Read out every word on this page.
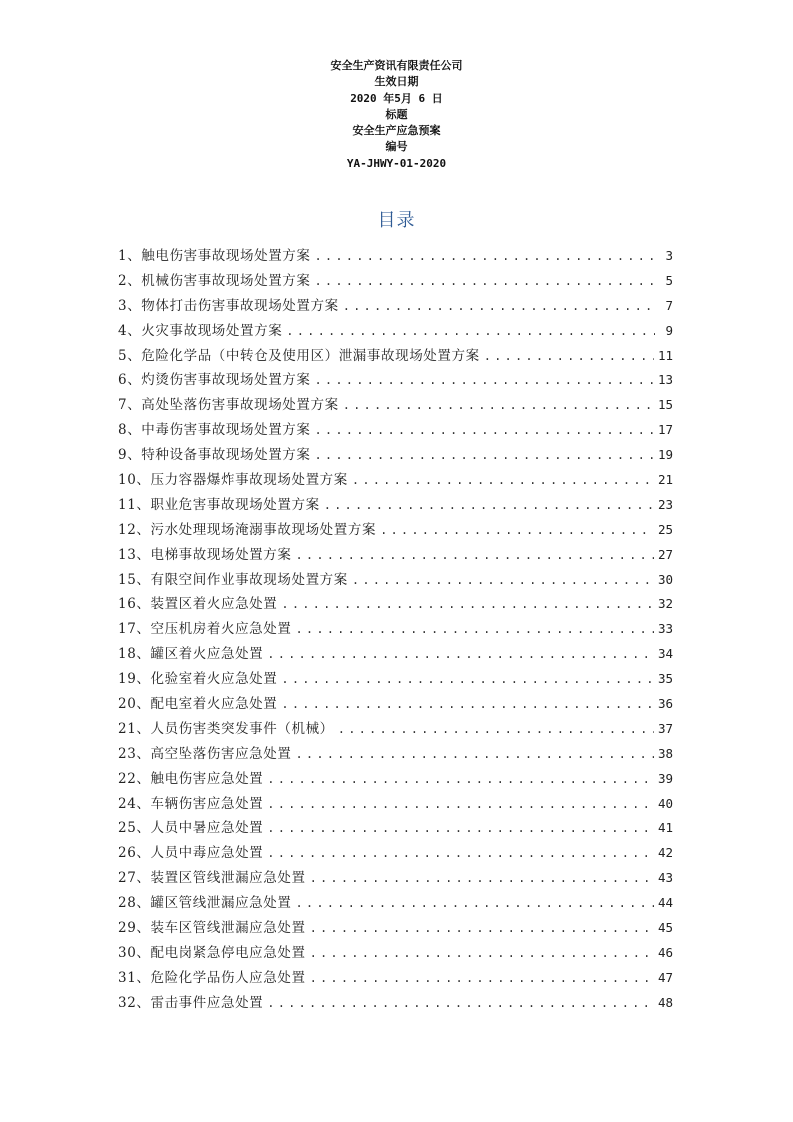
安全生产资讯有限责任公司
生效日期
2020 年5月 6 日
标题
安全生产应急预案
编号
YA-JHWY-01-2020
目录
1、触电伤害事故现场处置方案 .....	3
2、机械伤害事故现场处置方案 .....	5
3、物体打击伤害事故现场处置方案 .....	7
4、火灾事故现场处置方案 .....	9
5、危险化学品（中转仓及使用区）泄漏事故现场处置方案 .....	11
6、灼烫伤害事故现场处置方案 .....	13
7、高处坠落伤害事故现场处置方案 .....	15
8、中毒伤害事故现场处置方案 .....	17
9、特种设备事故现场处置方案 .....	19
10、压力容器爆炸事故现场处置方案 .....	21
11、职业危害事故现场处置方案 .....	23
12、污水处理现场淹溺事故现场处置方案 .....	25
13、电梯事故现场处置方案 .....	27
15、有限空间作业事故现场处置方案 .....	30
16、装置区着火应急处置 .....	32
17、空压机房着火应急处置 .....	33
18、罐区着火应急处置 .....	34
19、化验室着火应急处置 .....	35
20、配电室着火应急处置 .....	36
21、人员伤害类突发事件（机械） .....	37
23、高空坠落伤害应急处置 .....	38
22、触电伤害应急处置 .....	39
24、车辆伤害应急处置 .....	40
25、人员中暑应急处置 .....	41
26、人员中毒应急处置 .....	42
27、装置区管线泄漏应急处置 .....	43
28、罐区管线泄漏应急处置 .....	44
29、装车区管线泄漏应急处置 .....	45
30、配电岗紧急停电应急处置 .....	46
31、危险化学品伤人应急处置 .....	47
32、雷击事件应急处置 .....	48
